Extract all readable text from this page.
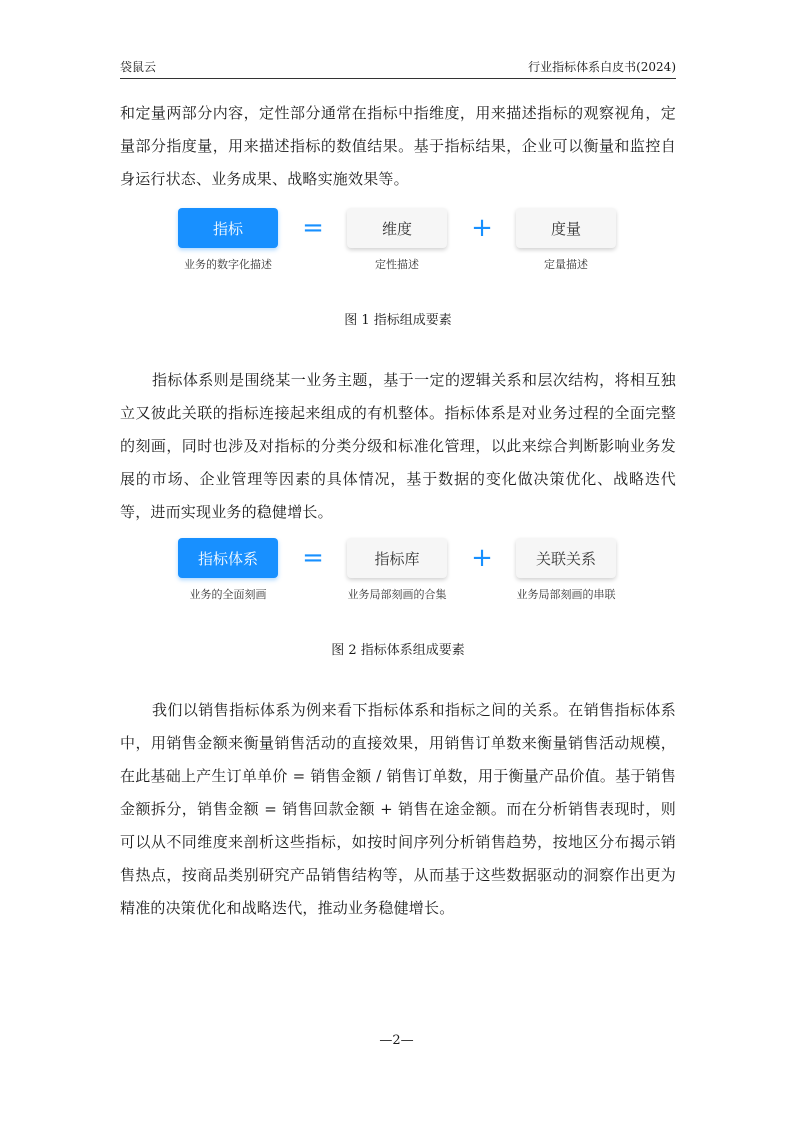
袋鼠云	行业指标体系白皮书(2024)

和定量两部分内容，定性部分通常在指标中指维度，用来描述指标的观察视角，定量部分指度量，用来描述指标的数值结果。基于指标结果，企业可以衡量和监控自身运行状态、业务成果、战略实施效果等。

指标	=	维度	+	度量
业务的数字化描述	定性描述	定量描述
图 1 指标组成要素

指标体系则是围绕某一业务主题，基于一定的逻辑关系和层次结构，将相互独立又彼此关联的指标连接起来组成的有机整体。指标体系是对业务过程的全面完整的刻画，同时也涉及对指标的分类分级和标准化管理，以此来综合判断影响业务发展的市场、企业管理等因素的具体情况，基于数据的变化做决策优化、战略迭代等，进而实现业务的稳健增长。

指标体系	=	指标库	+	关联关系
业务的全面刻画	业务局部刻画的合集	业务局部刻画的串联
图 2 指标体系组成要素

我们以销售指标体系为例来看下指标体系和指标之间的关系。在销售指标体系中，用销售金额来衡量销售活动的直接效果，用销售订单数来衡量销售活动规模，在此基础上产生订单单价 = 销售金额 / 销售订单数，用于衡量产品价值。基于销售金额拆分，销售金额 = 销售回款金额 + 销售在途金额。而在分析销售表现时，则可以从不同维度来剖析这些指标，如按时间序列分析销售趋势，按地区分布揭示销售热点，按商品类别研究产品销售结构等，从而基于这些数据驱动的洞察作出更为精准的决策优化和战略迭代，推动业务稳健增长。

—2—
